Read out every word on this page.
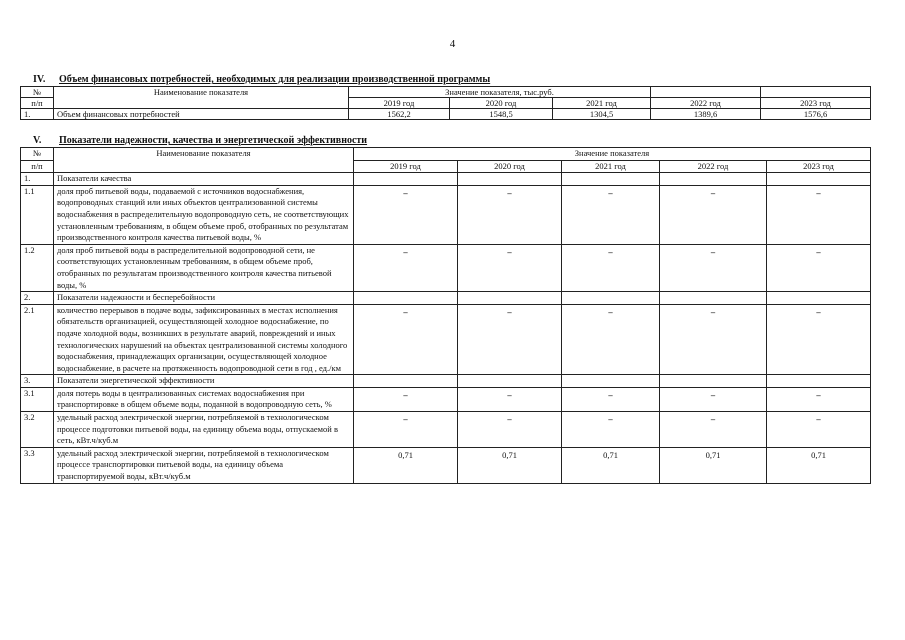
4
IV. Объем финансовых потребностей, необходимых для реализации производственной программы
№	Наименование показателя	Значение показателя, тыс.руб.				
п/п		2019 год	2020 год	2021 год	2022 год	2023 год
1.	Объем финансовых потребностей	1562,2	1548,5	1304,5	1389,6	1576,6
V. Показатели надежности, качества и энергетической эффективности
№	Наименование показателя	Значение показателя				
п/п		2019 год	2020 год	2021 год	2022 год	2023 год
1.	Показатели качества					
1.1	доля проб питьевой воды, подаваемой с источников водоснабжения, водопроводных станций или иных объектов централизованной системы водоснабжения в распределительную водопроводную сеть, не соответствующих установленным требованиям, в общем объеме проб, отобранных по результатам производственного контроля качества питьевой воды, %	–	–	–	–	–
1.2	доля проб питьевой воды в распределительной водопроводной сети, не соответствующих установленным требованиям, в общем объеме проб, отобранных по результатам производственного контроля качества питьевой воды, %	–	–	–	–	–
2.	Показатели надежности и бесперебойности					
2.1	количество перерывов в подаче воды, зафиксированных в местах исполнения обязательств организацией, осуществляющей холодное водоснабжение, по подаче холодной воды, возникших в результате аварий, повреждений и иных технологических нарушений на объектах централизованной системы холодного водоснабжения, принадлежащих организации, осуществляющей холодное водоснабжение, в расчете на протяженность водопроводной сети в год , ед./км	–	–	–	–	–
3.	Показатели энергетической эффективности					
3.1	доля потерь воды в централизованных системах водоснабжения при транспортировке в общем объеме воды, поданной в водопроводную сеть, %	–	–	–	–	–
3.2	удельный расход электрической энергии, потребляемой в технологическом процессе подготовки питьевой воды, на единицу объема воды, отпускаемой в сеть, кВт.ч/куб.м	–	–	–	–	–
3.3	удельный расход электрической энергии, потребляемой в технологическом процессе транспортировки питьевой воды, на единицу объема транспортируемой воды, кВт.ч/куб.м	0,71	0,71	0,71	0,71	0,71
